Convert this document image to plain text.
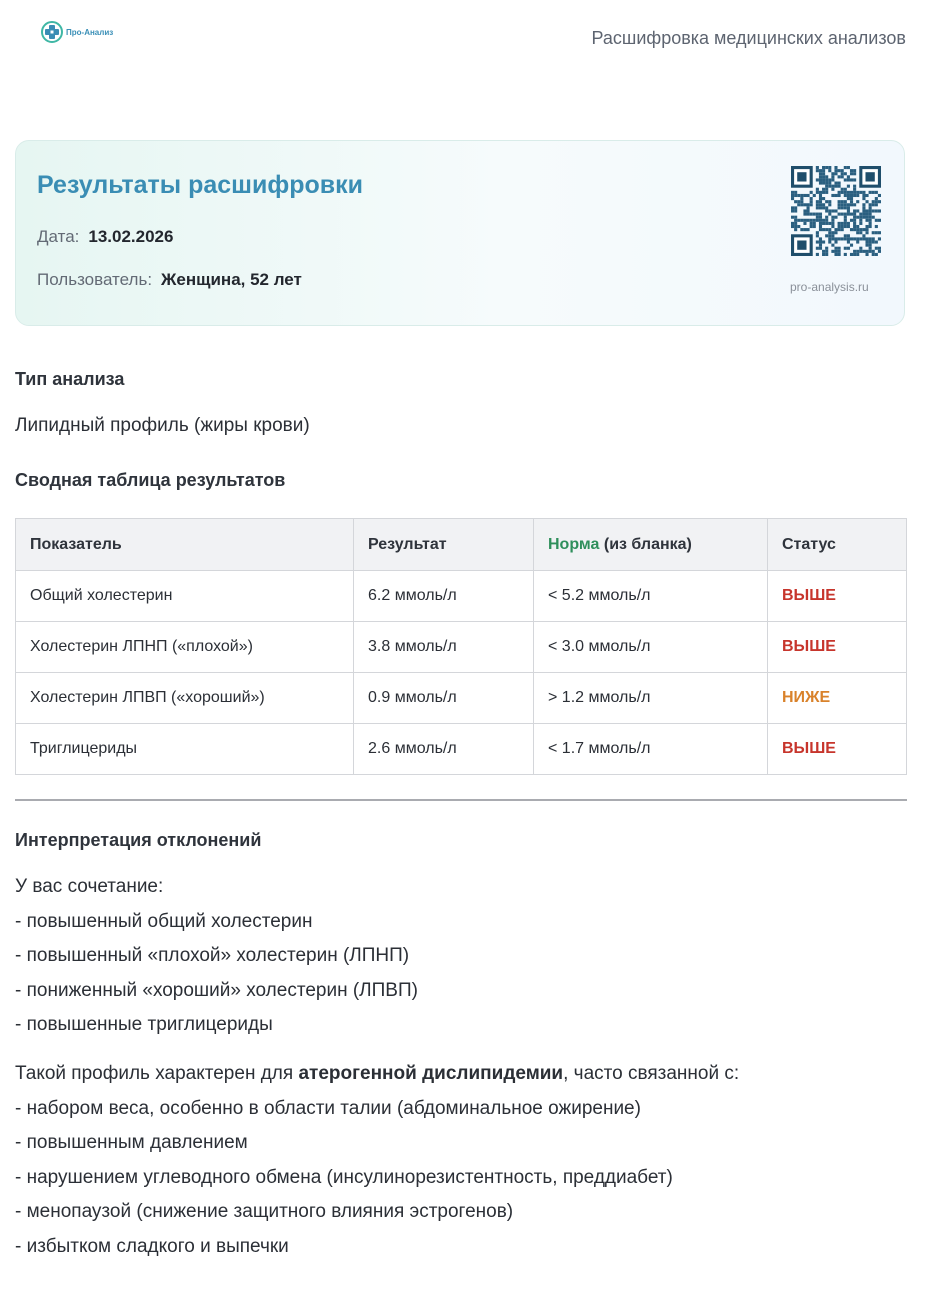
Про-Анализ	Расшифровка медицинских анализов
Результаты расшифровки
Дата: 13.02.2026
Пользователь: Женщина, 52 лет	pro-analysis.ru
Тип анализа
Липидный профиль (жиры крови)
Сводная таблица результатов
Показатель	Результат	Норма (из бланка)	Статус
Общий холестерин	6.2 ммоль/л	< 5.2 ммоль/л	ВЫШЕ
Холестерин ЛПНП («плохой»)	3.8 ммоль/л	< 3.0 ммоль/л	ВЫШЕ
Холестерин ЛПВП («хороший»)	0.9 ммоль/л	> 1.2 ммоль/л	НИЖЕ
Триглицериды	2.6 ммоль/л	< 1.7 ммоль/л	ВЫШЕ
Интерпретация отклонений
У вас сочетание:
- повышенный общий холестерин
- повышенный «плохой» холестерин (ЛПНП)
- пониженный «хороший» холестерин (ЛПВП)
- повышенные триглицериды
Такой профиль характерен для атерогенной дислипидемии, часто связанной с:
- набором веса, особенно в области талии (абдоминальное ожирение)
- повышенным давлением
- нарушением углеводного обмена (инсулинорезистентность, преддиабет)
- менопаузой (снижение защитного влияния эстрогенов)
- избытком сладкого и выпечки
